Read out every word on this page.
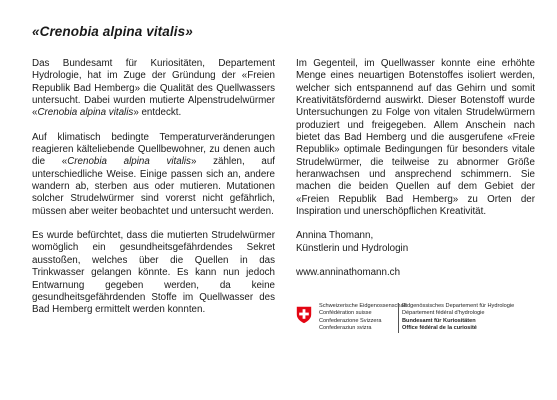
«Crenobia alpina vitalis»

Das Bundesamt für Kuriositäten, Departement Hydrologie, hat im Zuge der Gründung der «Freien Republik Bad Hemberg» die Qualität des Quellwassers untersucht. Dabei wurden mutierte Alpenstrudelwürmer «Crenobia alpina vitalis» entdeckt.

Auf klimatisch bedingte Temperaturveränderungen reagieren kälteliebende Quellbewohner, zu denen auch die «Crenobia alpina vitalis» zählen, auf unterschiedliche Weise. Einige passen sich an, andere wandern ab, sterben aus oder mutieren. Mutationen solcher Strudelwürmer sind vorerst nicht gefährlich, müssen aber weiter beobachtet und untersucht werden.

Es wurde befürchtet, dass die mutierten Strudelwürmer womöglich ein gesundheitsgefährdendes Sekret ausstoßen, welches über die Quellen in das Trinkwasser gelangen könnte. Es kann nun jedoch Entwarnung gegeben werden, da keine gesundheitsgefährdenden Stoffe im Quellwasser des Bad Hemberg ermittelt werden konnten.

Im Gegenteil, im Quellwasser konnte eine erhöhte Menge eines neuartigen Botenstoffes isoliert werden, welcher sich entspannend auf das Gehirn und somit Kreativitätsfördernd auswirkt. Dieser Botenstoff wurde Untersuchungen zu Folge von vitalen Strudelwürmern produziert und freigegeben. Allem Anschein nach bietet das Bad Hemberg und die ausgerufene «Freie Republik» optimale Bedingungen für besonders vitale Strudelwürmer, die teilweise zu abnormer Größe heranwachsen und ansprechend schimmern. Sie machen die beiden Quellen auf dem Gebiet der «Freien Republik Bad Hemberg» zu Orten der Inspiration und unerschöpflichen Kreativität.

Annina Thomann,
Künstlerin und Hydrologin

www.anninathomann.ch

Schweizerische Eidgenossenschaft
Confédération suisse
Confederazione Svizzera
Confederaziun svizra
Eidgenössisches Departement für Hydrologie
Département fédéral d'hydrologie
Bundesamt für Kuriositäten
Office fédéral de la curiosité
